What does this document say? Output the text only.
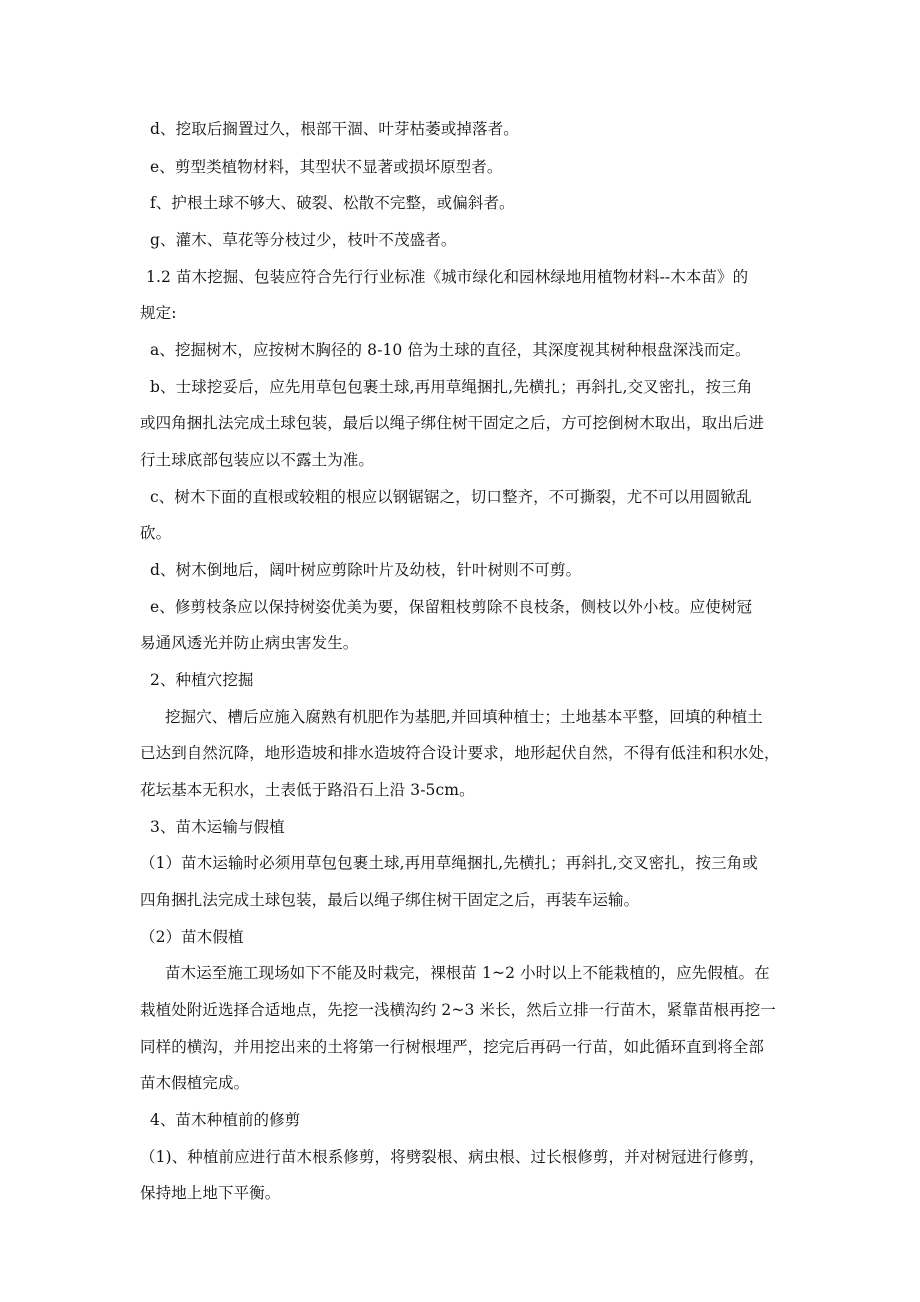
d、挖取后搁置过久，根部干涸、叶芽枯萎或掉落者。
e、剪型类植物材料，其型状不显著或损坏原型者。
f、护根土球不够大、破裂、松散不完整，或偏斜者。
g、灌木、草花等分枝过少，枝叶不茂盛者。
1.2 苗木挖掘、包装应符合先行行业标准《城市绿化和园林绿地用植物材料--木本苗》的
规定:
a、挖掘树木，应按树木胸径的 8-10 倍为土球的直径，其深度视其树种根盘深浅而定。
b、士球挖妥后，应先用草包包裹土球,再用草绳捆扎,先横扎；再斜扎,交叉密扎，按三角
或四角捆扎法完成土球包装，最后以绳子绑住树干固定之后，方可挖倒树木取出，取出后进
行土球底部包装应以不露土为准。
c、树木下面的直根或较粗的根应以钢锯锯之，切口整齐，不可撕裂，尤不可以用圆锨乱
砍。
d、树木倒地后，阔叶树应剪除叶片及幼枝，针叶树则不可剪。
e、修剪枝条应以保持树姿优美为要，保留粗枝剪除不良枝条，侧枝以外小枝。应使树冠
易通风透光并防止病虫害发生。
2、种植穴挖掘
挖掘穴、槽后应施入腐熟有机肥作为基肥,并回填种植士；土地基本平整，回填的种植土
已达到自然沉降，地形造坡和排水造坡符合设计要求，地形起伏自然，不得有低洼和积水处，
花坛基本无积水，土表低于路沿石上沿 3-5cm。
3、苗木运输与假植
（1）苗木运输时必须用草包包裹土球,再用草绳捆扎,先横扎；再斜扎,交叉密扎，按三角或
四角捆扎法完成土球包装，最后以绳子绑住树干固定之后，再装车运输。
（2）苗木假植
苗木运至施工现场如下不能及时栽完，裸根苗 1~2 小时以上不能栽植的，应先假植。在
栽植处附近选择合适地点，先挖一浅横沟约 2~3 米长，然后立排一行苗木，紧靠苗根再挖一
同样的横沟，并用挖出来的土将第一行树根埋严，挖完后再码一行苗，如此循环直到将全部
苗木假植完成。
4、苗木种植前的修剪
（1)、种植前应进行苗木根系修剪，将劈裂根、病虫根、过长根修剪，并对树冠进行修剪，
保持地上地下平衡。
